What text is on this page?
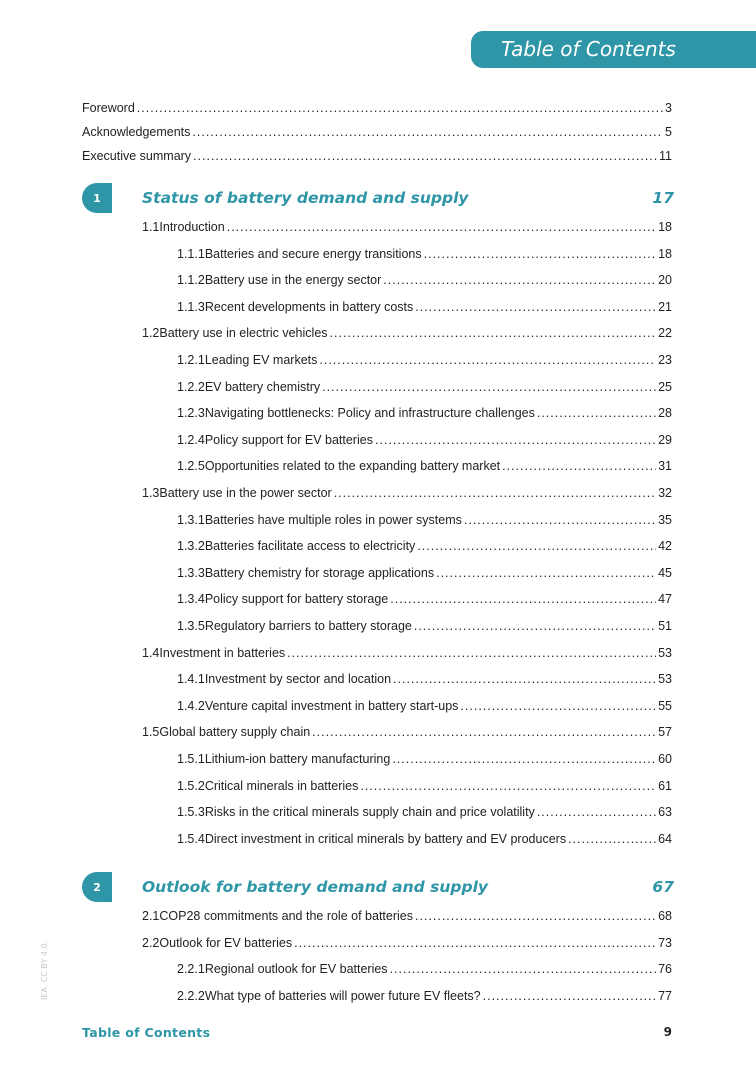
Table of Contents
Foreword .....	3
Acknowledgements .....	5
Executive summary .....	11
1	Status of battery demand and supply	17
1.1 Introduction .....	18
1.1.1 Batteries and secure energy transitions .....	18
1.1.2 Battery use in the energy sector .....	20
1.1.3 Recent developments in battery costs .....	21
1.2 Battery use in electric vehicles .....	22
1.2.1 Leading EV markets .....	23
1.2.2 EV battery chemistry .....	25
1.2.3 Navigating bottlenecks: Policy and infrastructure challenges .....	28
1.2.4 Policy support for EV batteries .....	29
1.2.5 Opportunities related to the expanding battery market .....	31
1.3 Battery use in the power sector .....	32
1.3.1 Batteries have multiple roles in power systems .....	35
1.3.2 Batteries facilitate access to electricity .....	42
1.3.3 Battery chemistry for storage applications .....	45
1.3.4 Policy support for battery storage .....	47
1.3.5 Regulatory barriers to battery storage .....	51
1.4 Investment in batteries .....	53
1.4.1 Investment by sector and location .....	53
1.4.2 Venture capital investment in battery start-ups .....	55
1.5 Global battery supply chain .....	57
1.5.1 Lithium-ion battery manufacturing .....	60
1.5.2 Critical minerals in batteries .....	61
1.5.3 Risks in the critical minerals supply chain and price volatility .....	63
1.5.4 Direct investment in critical minerals by battery and EV producers .....	64
2	Outlook for battery demand and supply	67
2.1 COP28 commitments and the role of batteries .....	68
2.2 Outlook for EV batteries .....	73
2.2.1 Regional outlook for EV batteries .....	76
2.2.2 What type of batteries will power future EV fleets? .....	77
IEA. CC BY 4.0.
Table of Contents	9
